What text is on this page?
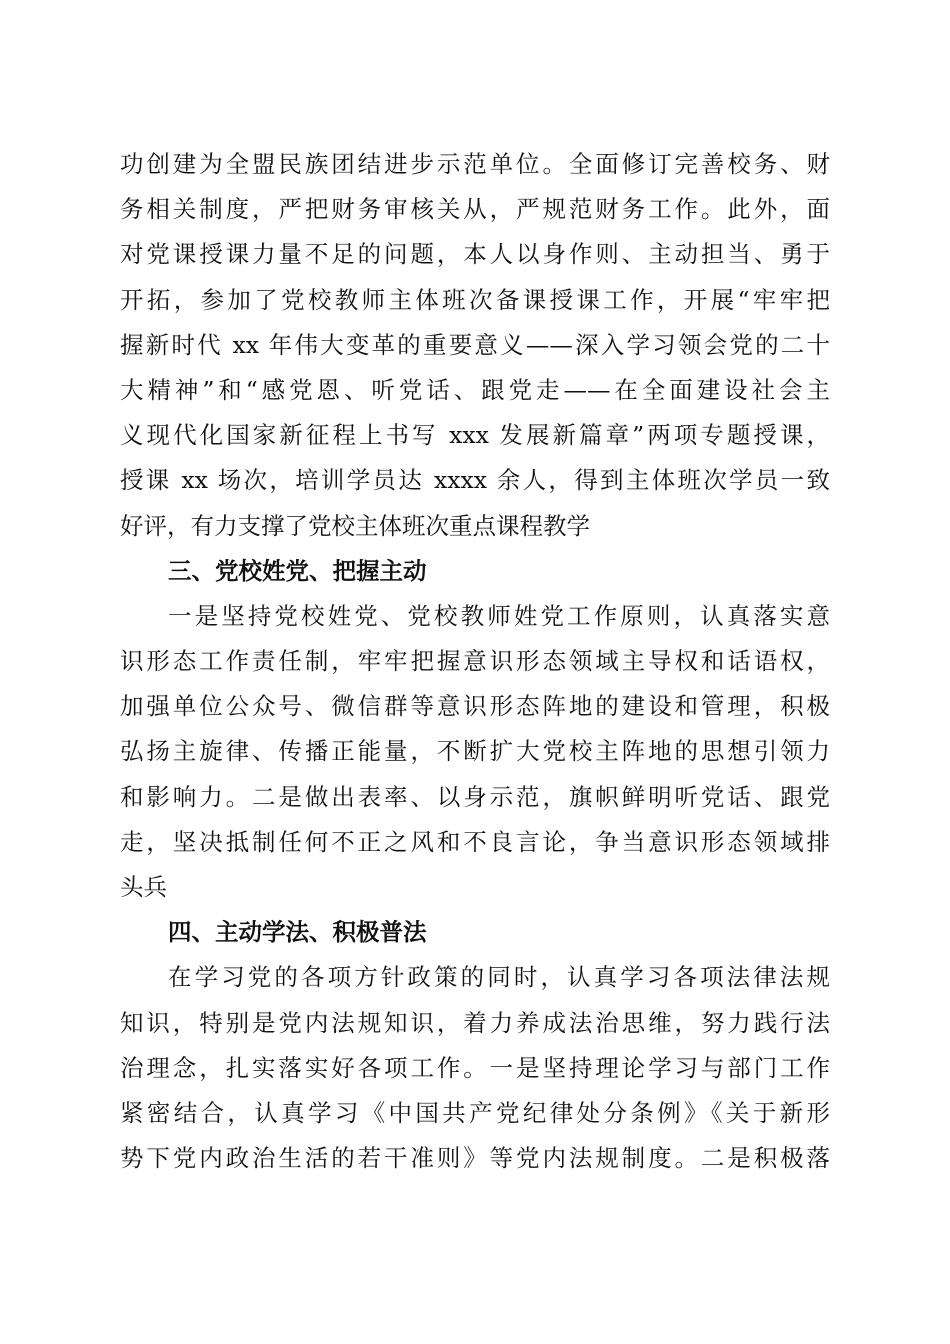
功创建为全盟民族团结进步示范单位。全面修订完善校务、财
务相关制度，严把财务审核关从，严规范财务工作。此外，面
对党课授课力量不足的问题，本人以身作则、主动担当、勇于
开拓，参加了党校教师主体班次备课授课工作，开展“牢牢把
握新时代 xx 年伟大变革的重要意义——深入学习领会党的二十
大精神”和“感党恩、听党话、跟党走——在全面建设社会主
义现代化国家新征程上书写 xxx 发展新篇章”两项专题授课，
授课 xx 场次，培训学员达 xxxx 余人，得到主体班次学员一致
好评，有力支撑了党校主体班次重点课程教学
三、党校姓党、把握主动
一是坚持党校姓党、党校教师姓党工作原则，认真落实意
识形态工作责任制，牢牢把握意识形态领域主导权和话语权，
加强单位公众号、微信群等意识形态阵地的建设和管理，积极
弘扬主旋律、传播正能量，不断扩大党校主阵地的思想引领力
和影响力。二是做出表率、以身示范，旗帜鲜明听党话、跟党
走，坚决抵制任何不正之风和不良言论，争当意识形态领域排
头兵
四、主动学法、积极普法
在学习党的各项方针政策的同时，认真学习各项法律法规
知识，特别是党内法规知识，着力养成法治思维，努力践行法
治理念，扎实落实好各项工作。一是坚持理论学习与部门工作
紧密结合，认真学习《中国共产党纪律处分条例》《关于新形
势下党内政治生活的若干准则》等党内法规制度。二是积极落
